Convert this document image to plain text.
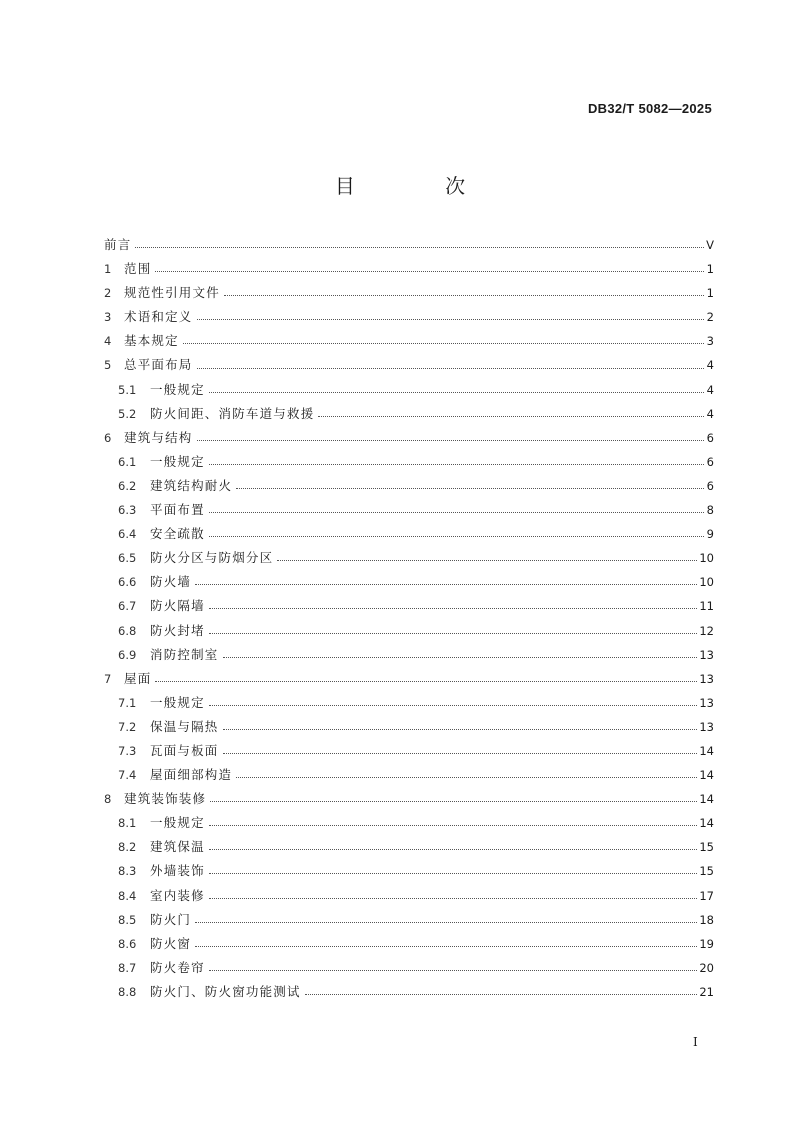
DB32/T 5082—2025
目 次
前言	Ⅴ
1	范围	1
2	规范性引用文件	1
3	术语和定义	2
4	基本规定	3
5	总平面布局	4
5.1	一般规定	4
5.2	防火间距、消防车道与救援	4
6	建筑与结构	6
6.1	一般规定	6
6.2	建筑结构耐火	6
6.3	平面布置	8
6.4	安全疏散	9
6.5	防火分区与防烟分区	10
6.6	防火墙	10
6.7	防火隔墙	11
6.8	防火封堵	12
6.9	消防控制室	13
7	屋面	13
7.1	一般规定	13
7.2	保温与隔热	13
7.3	瓦面与板面	14
7.4	屋面细部构造	14
8	建筑装饰装修	14
8.1	一般规定	14
8.2	建筑保温	15
8.3	外墙装饰	15
8.4	室内装修	17
8.5	防火门	18
8.6	防火窗	19
8.7	防火卷帘	20
8.8	防火门、防火窗功能测试	21
Ⅰ
